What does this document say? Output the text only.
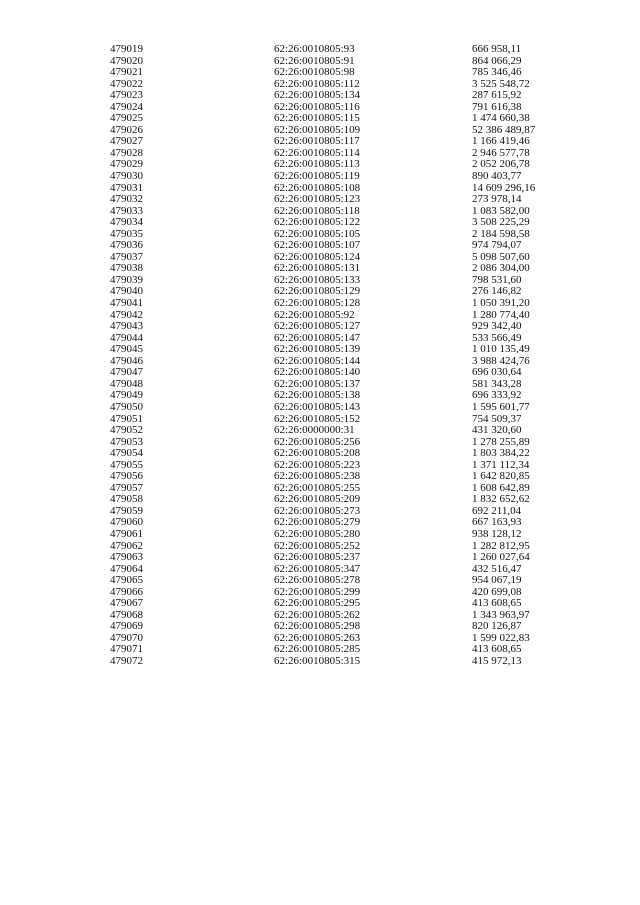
479019	62:26:0010805:93	666 958,11
479020	62:26:0010805:91	864 066,29
479021	62:26:0010805:98	785 346,46
479022	62:26:0010805:112	3 525 548,72
479023	62:26:0010805:134	287 615,92
479024	62:26:0010805:116	791 616,38
479025	62:26:0010805:115	1 474 660,38
479026	62:26:0010805:109	52 386 489,87
479027	62:26:0010805:117	1 166 419,46
479028	62:26:0010805:114	2 946 577,78
479029	62:26:0010805:113	2 052 206,78
479030	62:26:0010805:119	890 403,77
479031	62:26:0010805:108	14 609 296,16
479032	62:26:0010805:123	273 978,14
479033	62:26:0010805:118	1 083 582,00
479034	62:26:0010805:122	3 508 225,29
479035	62:26:0010805:105	2 184 598,58
479036	62:26:0010805:107	974 794,07
479037	62:26:0010805:124	5 098 507,60
479038	62:26:0010805:131	2 086 304,00
479039	62:26:0010805:133	798 531,60
479040	62:26:0010805:129	276 146,82
479041	62:26:0010805:128	1 050 391,20
479042	62:26:0010805:92	1 280 774,40
479043	62:26:0010805:127	929 342,40
479044	62:26:0010805:147	533 566,49
479045	62:26:0010805:139	1 010 135,49
479046	62:26:0010805:144	3 988 424,76
479047	62:26:0010805:140	696 030,64
479048	62:26:0010805:137	581 343,28
479049	62:26:0010805:138	696 333,92
479050	62:26:0010805:143	1 595 601,77
479051	62:26:0010805:152	754 509,37
479052	62:26:0000000:31	431 320,60
479053	62:26:0010805:256	1 278 255,89
479054	62:26:0010805:208	1 803 384,22
479055	62:26:0010805:223	1 371 112,34
479056	62:26:0010805:238	1 642 820,85
479057	62:26:0010805:255	1 608 642,89
479058	62:26:0010805:209	1 832 652,62
479059	62:26:0010805:273	692 211,04
479060	62:26:0010805:279	667 163,93
479061	62:26:0010805:280	938 128,12
479062	62:26:0010805:252	1 282 812,95
479063	62:26:0010805:237	1 260 027,64
479064	62:26:0010805:347	432 516,47
479065	62:26:0010805:278	954 067,19
479066	62:26:0010805:299	420 699,08
479067	62:26:0010805:295	413 608,65
479068	62:26:0010805:262	1 343 963,97
479069	62:26:0010805:298	820 126,87
479070	62:26:0010805:263	1 599 022,83
479071	62:26:0010805:285	413 608,65
479072	62:26:0010805:315	415 972,13
